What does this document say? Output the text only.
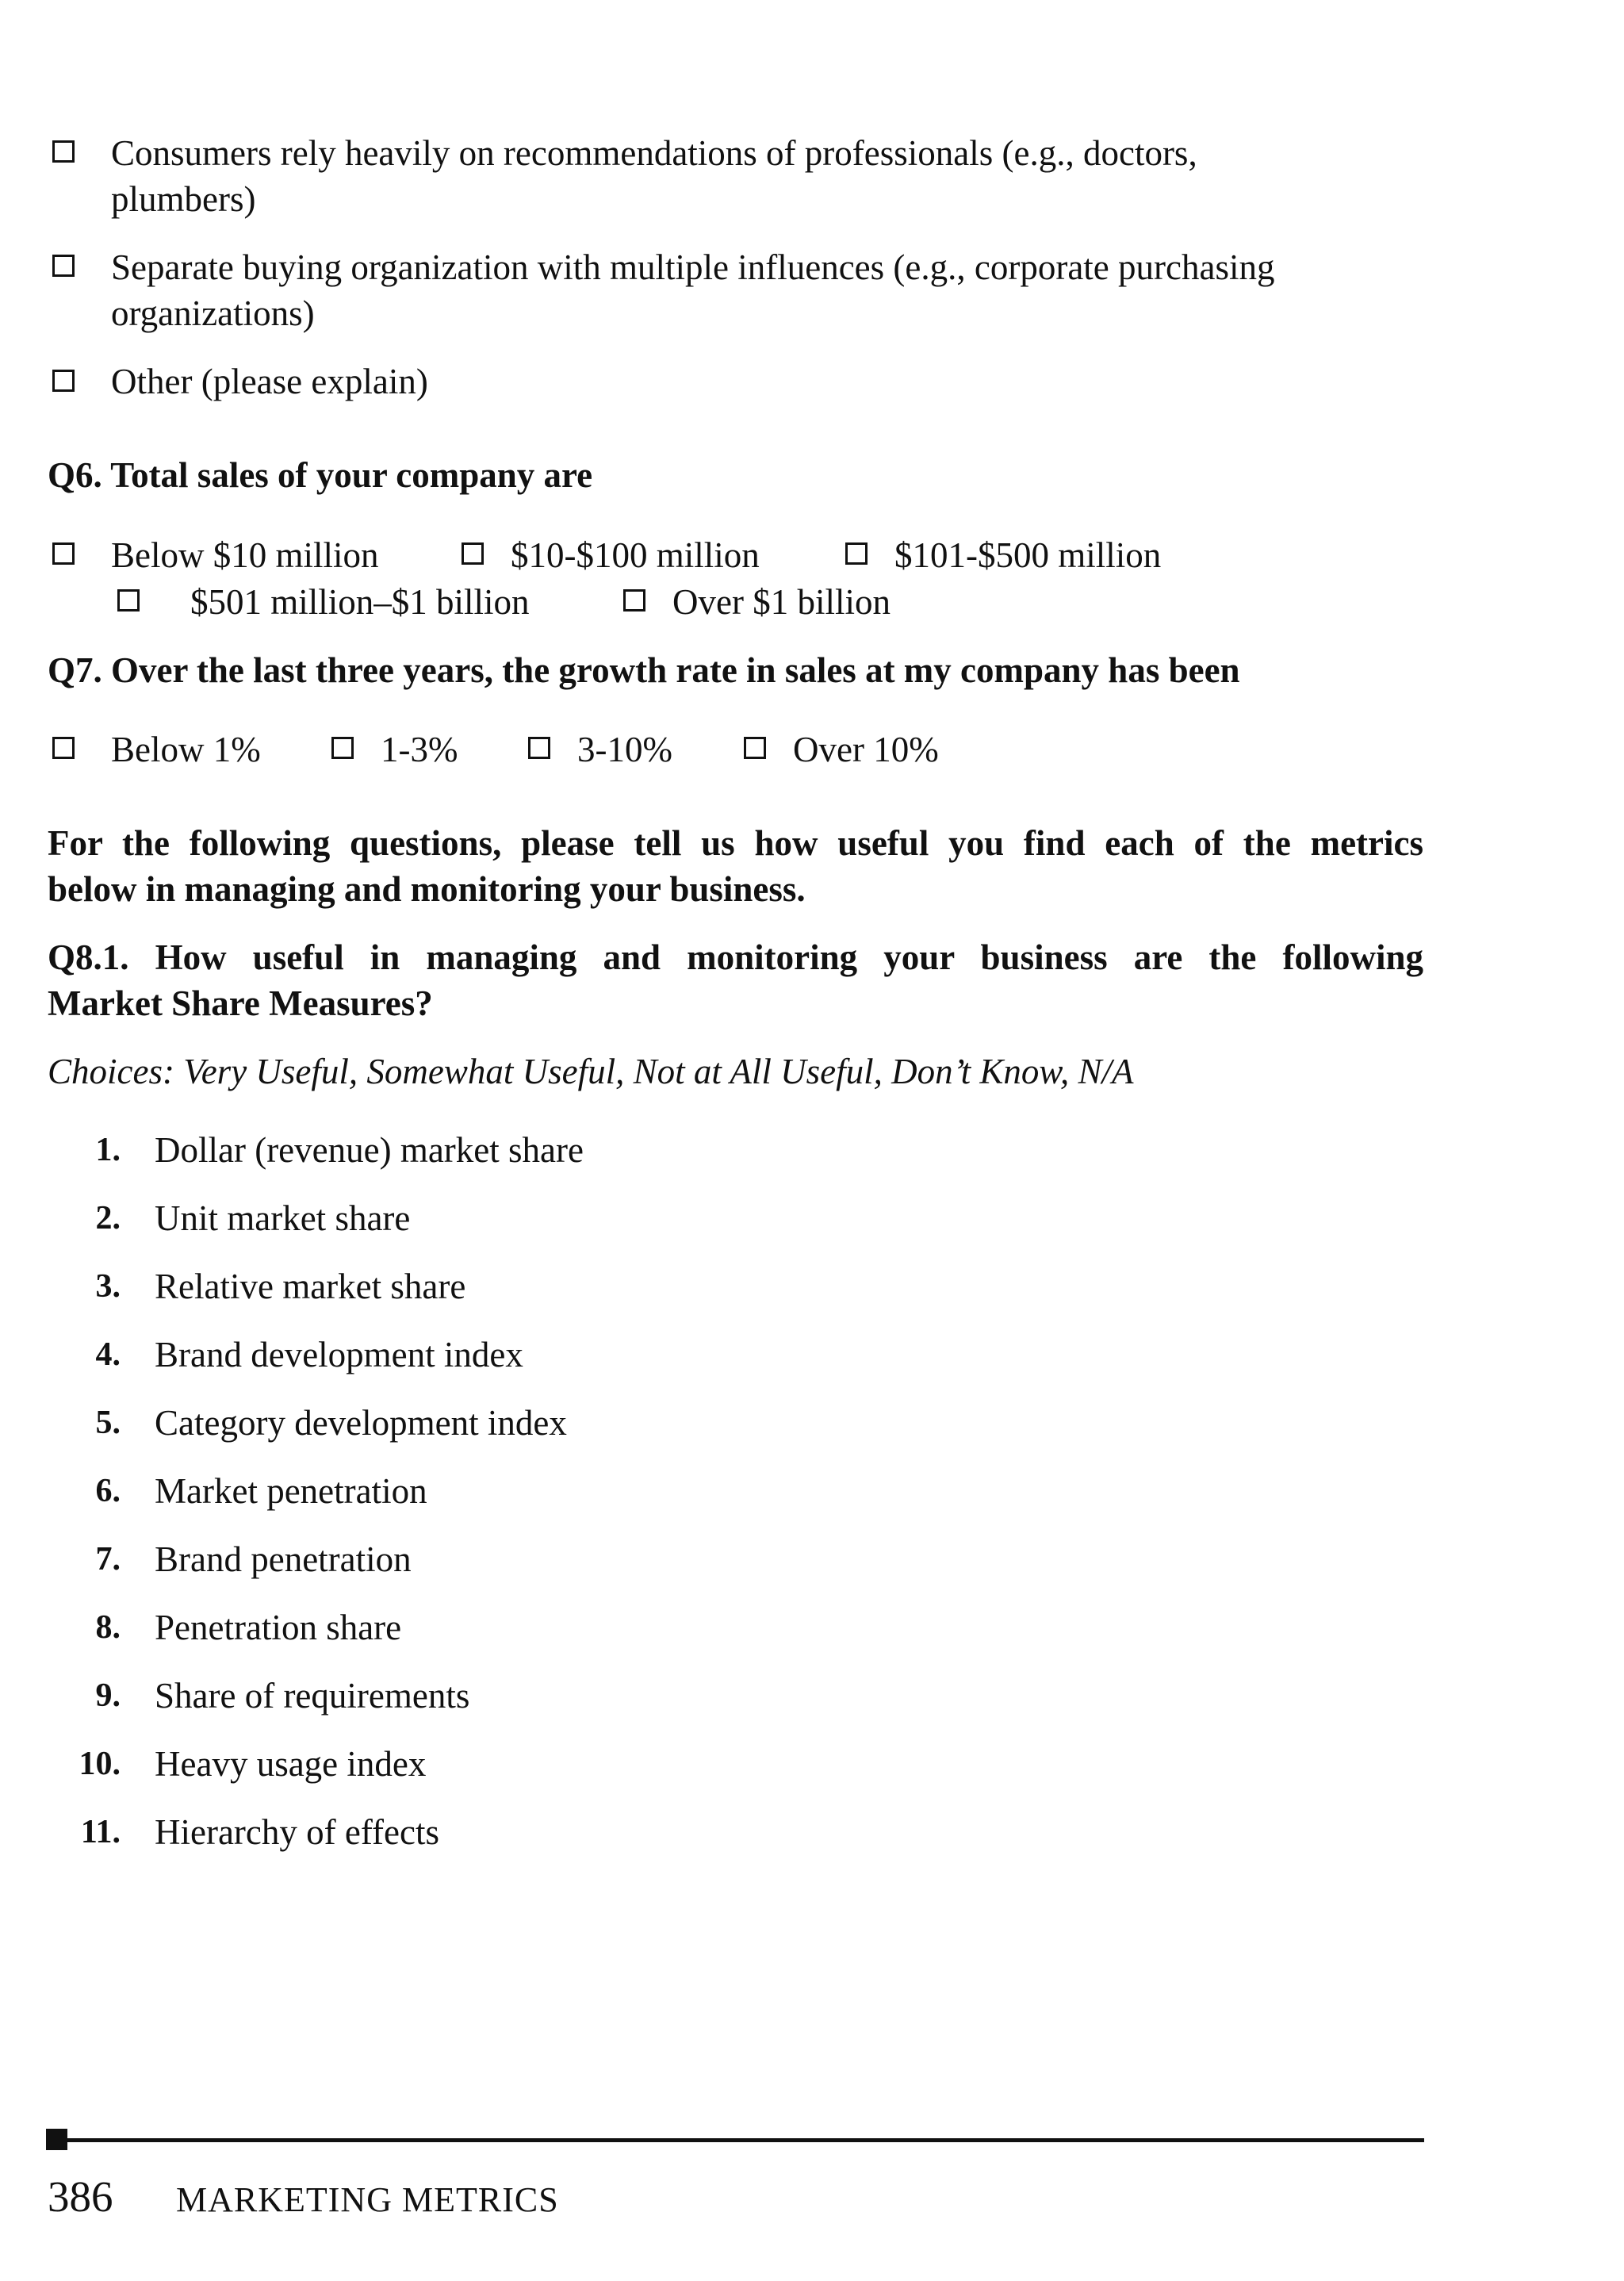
Consumers rely heavily on recommendations of professionals (e.g., doctors,
plumbers)
Separate buying organization with multiple influences (e.g., corporate purchasing
organizations)
Other (please explain)
Q6. Total sales of your company are
Below $10 million	$10-$100 million	$101-$500 million
$501 million–$1 billion	Over $1 billion
Q7. Over the last three years, the growth rate in sales at my company has been
Below 1%	1-3%	3-10%	Over 10%
For the following questions, please tell us how useful you find each of the metrics
below in managing and monitoring your business.
Q8.1. How useful in managing and monitoring your business are the following
Market Share Measures?
Choices: Very Useful, Somewhat Useful, Not at All Useful, Don’t Know, N/A
1. Dollar (revenue) market share
2. Unit market share
3. Relative market share
4. Brand development index
5. Category development index
6. Market penetration
7. Brand penetration
8. Penetration share
9. Share of requirements
10. Heavy usage index
11. Hierarchy of effects
386 MARKETING METRICS
